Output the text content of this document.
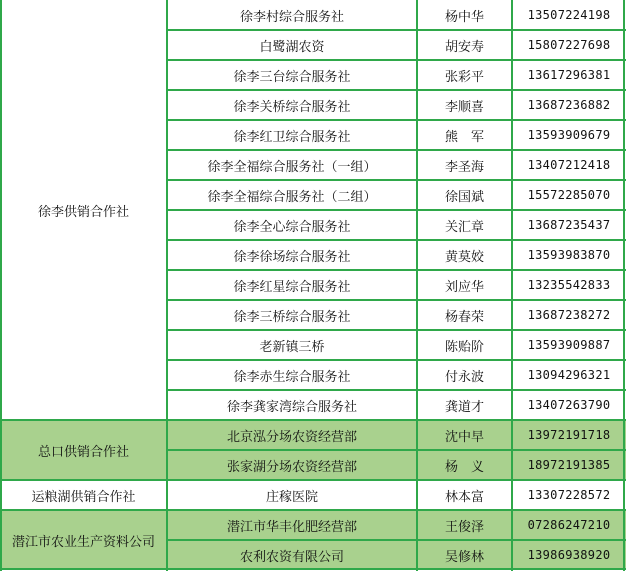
徐李供销合作社
徐李村综合服务社	杨中华	13507224198
白鹭湖农资	胡安寿	15807227698
徐李三台综合服务社	张彩平	13617296381
徐李关桥综合服务社	李顺喜	13687236882
徐李红卫综合服务社	熊　军	13593909679
徐李全福综合服务社（一组）	李圣海	13407212418
徐李全福综合服务社（二组）	徐国斌	15572285070
徐李全心综合服务社	关汇章	13687235437
徐李徐场综合服务社	黄莫姣	13593983870
徐李红星综合服务社	刘应华	13235542833
徐李三桥综合服务社	杨春荣	13687238272
老新镇三桥	陈贻阶	13593909887
徐李赤生综合服务社	付永波	13094296321
徐李龚家湾综合服务社	龚道才	13407263790
总口供销合作社
北京泓分场农资经营部	沈中早	13972191718
张家湖分场农资经营部	杨　义	18972191385
运粮湖供销合作社	庄稼医院	林本富	13307228572
潜江市农业生产资料公司
潜江市华丰化肥经营部	王俊泽	07286247210
农利农资有限公司	吴修林	13986938920
